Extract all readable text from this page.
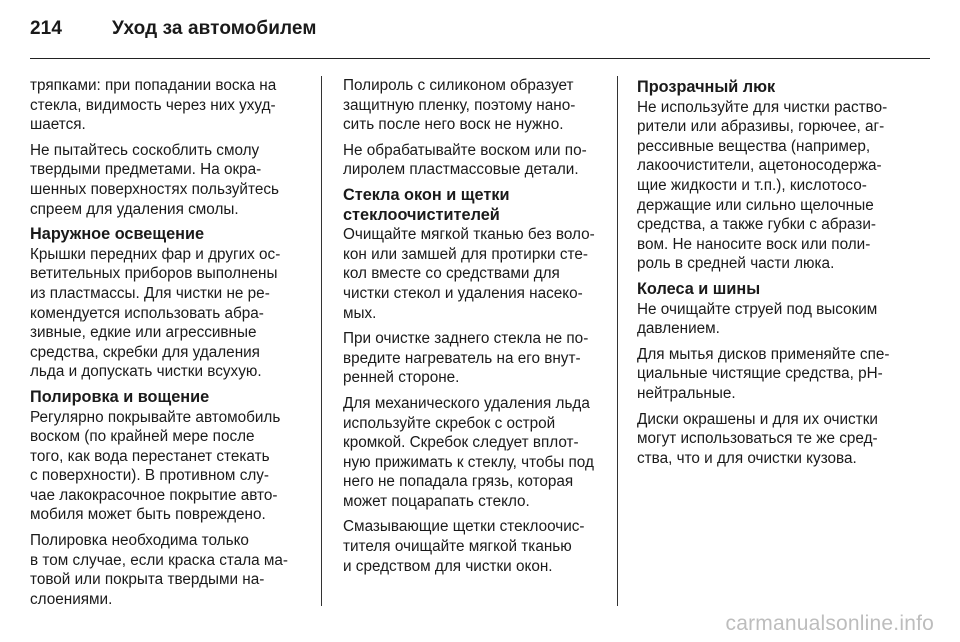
214	Уход за автомобилем
тряпками: при попадании воска на
стекла, видимость через них ухуд-
шается.
Не пытайтесь соскоблить смолу
твердыми предметами. На окра-
шенных поверхностях пользуйтесь
спреем для удаления смолы.
Наружное освещение
Крышки передних фар и других ос-
ветительных приборов выполнены
из пластмассы. Для чистки не ре-
комендуется использовать абра-
зивные, едкие или агрессивные
средства, скребки для удаления
льда и допускать чистки всухую.
Полировка и вощение
Регулярно покрывайте автомобиль
воском (по крайней мере после
того, как вода перестанет стекать
с поверхности). В противном слу-
чае лакокрасочное покрытие авто-
мобиля может быть повреждено.
Полировка необходима только
в том случае, если краска стала ма-
товой или покрыта твердыми на-
слоениями.
Полироль с силиконом образует
защитную пленку, поэтому нано-
сить после него воск не нужно.
Не обрабатывайте воском или по-
лиролем пластмассовые детали.
Стекла окон и щетки
стеклоочистителей
Очищайте мягкой тканью без воло-
кон или замшей для протирки сте-
кол вместе со средствами для
чистки стекол и удаления насеко-
мых.
При очистке заднего стекла не по-
вредите нагреватель на его внут-
ренней стороне.
Для механического удаления льда
используйте скребок с острой
кромкой. Скребок следует вплот-
ную прижимать к стеклу, чтобы под
него не попадала грязь, которая
может поцарапать стекло.
Смазывающие щетки стеклоочис-
тителя очищайте мягкой тканью
и средством для чистки окон.
Прозрачный люк
Не используйте для чистки раство-
рители или абразивы, горючее, аг-
рессивные вещества (например,
лакоочистители, ацетоносодержа-
щие жидкости и т.п.), кислотосо-
держащие или сильно щелочные
средства, а также губки с абрази-
вом. Не наносите воск или поли-
роль в средней части люка.
Колеса и шины
Не очищайте струей под высоким
давлением.
Для мытья дисков применяйте спе-
циальные чистящие средства, pH-
нейтральные.
Диски окрашены и для их очистки
могут использоваться те же сред-
ства, что и для очистки кузова.
carmanualsonline.info
